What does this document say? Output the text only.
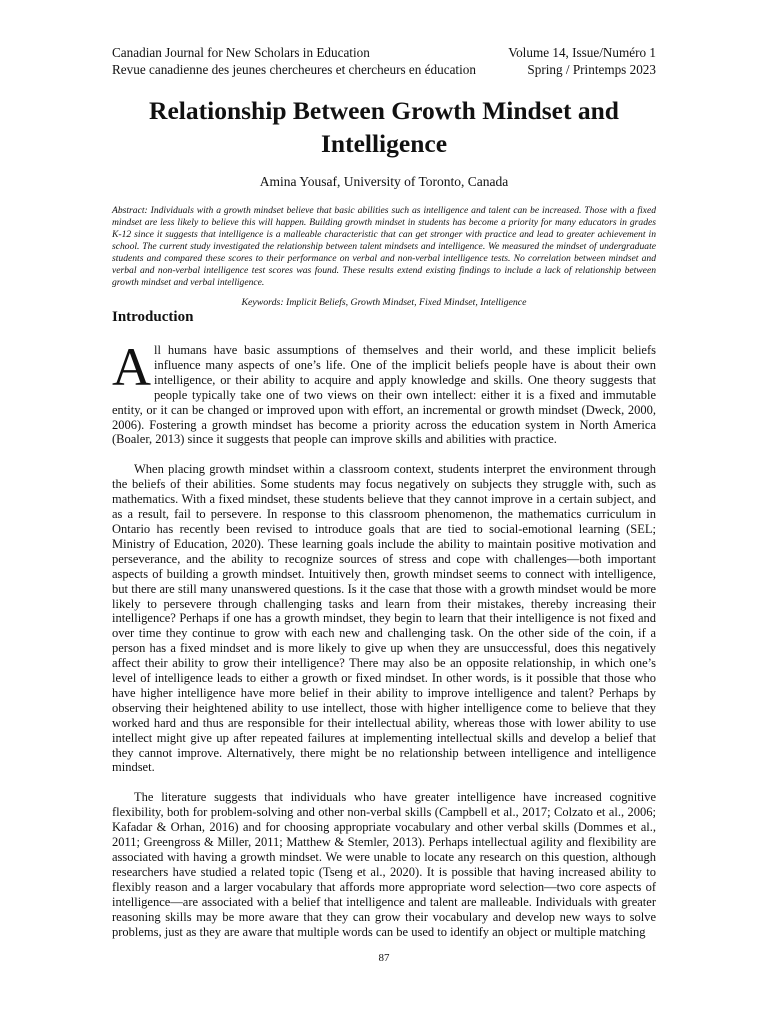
Canadian Journal for New Scholars in Education	Volume 14, Issue/Numéro 1
Revue canadienne des jeunes chercheures et chercheurs en éducation	Spring / Printemps 2023
Relationship Between Growth Mindset and Intelligence
Amina Yousaf, University of Toronto, Canada
Abstract: Individuals with a growth mindset believe that basic abilities such as intelligence and talent can be increased. Those with a fixed mindset are less likely to believe this will happen. Building growth mindset in students has become a priority for many educators in grades K-12 since it suggests that intelligence is a malleable characteristic that can get stronger with practice and lead to greater achievement in school. The current study investigated the relationship between talent mindsets and intelligence. We measured the mindset of undergraduate students and compared these scores to their performance on verbal and non-verbal intelligence tests. No correlation between mindset and verbal and non-verbal intelligence test scores was found. These results extend existing findings to include a lack of relationship between growth mindset and verbal intelligence.
Keywords: Implicit Beliefs, Growth Mindset, Fixed Mindset, Intelligence
Introduction

All humans have basic assumptions of themselves and their world, and these implicit beliefs influence many aspects of one’s life. One of the implicit beliefs people have is about their own intelligence, or their ability to acquire and apply knowledge and skills. One theory suggests that people typically take one of two views on their own intellect: either it is a fixed and immutable entity, or it can be changed or improved upon with effort, an incremental or growth mindset (Dweck, 2000, 2006). Fostering a growth mindset has become a priority across the education system in North America (Boaler, 2013) since it suggests that people can improve skills and abilities with practice.

When placing growth mindset within a classroom context, students interpret the environment through the beliefs of their abilities. Some students may focus negatively on subjects they struggle with, such as mathematics. With a fixed mindset, these students believe that they cannot improve in a certain subject, and as a result, fail to persevere. In response to this classroom phenomenon, the mathematics curriculum in Ontario has recently been revised to introduce goals that are tied to social-emotional learning (SEL; Ministry of Education, 2020). These learning goals include the ability to maintain positive motivation and perseverance, and the ability to recognize sources of stress and cope with challenges—both important aspects of building a growth mindset. Intuitively then, growth mindset seems to connect with intelligence, but there are still many unanswered questions. Is it the case that those with a growth mindset would be more likely to persevere through challenging tasks and learn from their mistakes, thereby increasing their intelligence? Perhaps if one has a growth mindset, they begin to learn that their intelligence is not fixed and over time they continue to grow with each new and challenging task. On the other side of the coin, if a person has a fixed mindset and is more likely to give up when they are unsuccessful, does this negatively affect their ability to grow their intelligence? There may also be an opposite relationship, in which one’s level of intelligence leads to either a growth or fixed mindset. In other words, is it possible that those who have higher intelligence have more belief in their ability to improve intelligence and talent? Perhaps by observing their heightened ability to use intellect, those with higher intelligence come to believe that they worked hard and thus are responsible for their intellectual ability, whereas those with lower ability to use intellect might give up after repeated failures at implementing intellectual skills and develop a belief that they cannot improve. Alternatively, there might be no relationship between intelligence and intelligence mindset.

The literature suggests that individuals who have greater intelligence have increased cognitive flexibility, both for problem-solving and other non-verbal skills (Campbell et al., 2017; Colzato et al., 2006; Kafadar & Orhan, 2016) and for choosing appropriate vocabulary and other verbal skills (Dommes et al., 2011; Greengross & Miller, 2011; Matthew & Stemler, 2013). Perhaps intellectual agility and flexibility are associated with having a growth mindset. We were unable to locate any research on this question, although researchers have studied a related topic (Tseng et al., 2020). It is possible that having increased ability to flexibly reason and a larger vocabulary that affords more appropriate word selection—two core aspects of intelligence—are associated with a belief that intelligence and talent are malleable. Individuals with greater reasoning skills may be more aware that they can grow their vocabulary and develop new ways to solve problems, just as they are aware that multiple words can be used to identify an object or multiple matching

87
